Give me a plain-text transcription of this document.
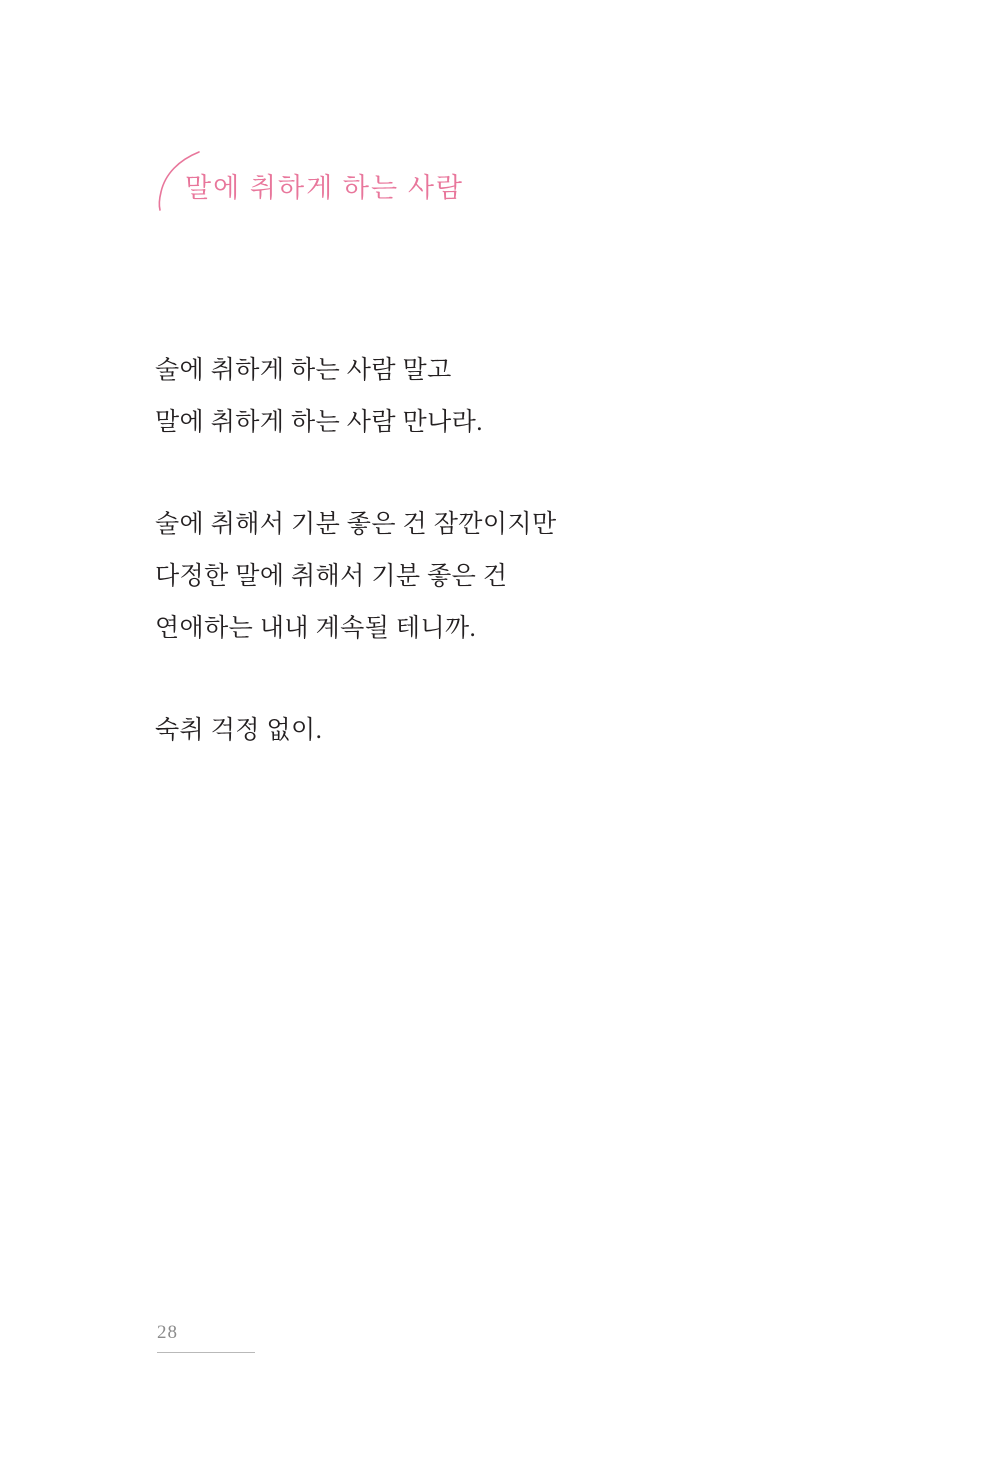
말에 취하게 하는 사람
술에 취하게 하는 사람 말고
말에 취하게 하는 사람 만나라.
술에 취해서 기분 좋은 건 잠깐이지만
다정한 말에 취해서 기분 좋은 건
연애하는 내내 계속될 테니까.
숙취 걱정 없이.
28
